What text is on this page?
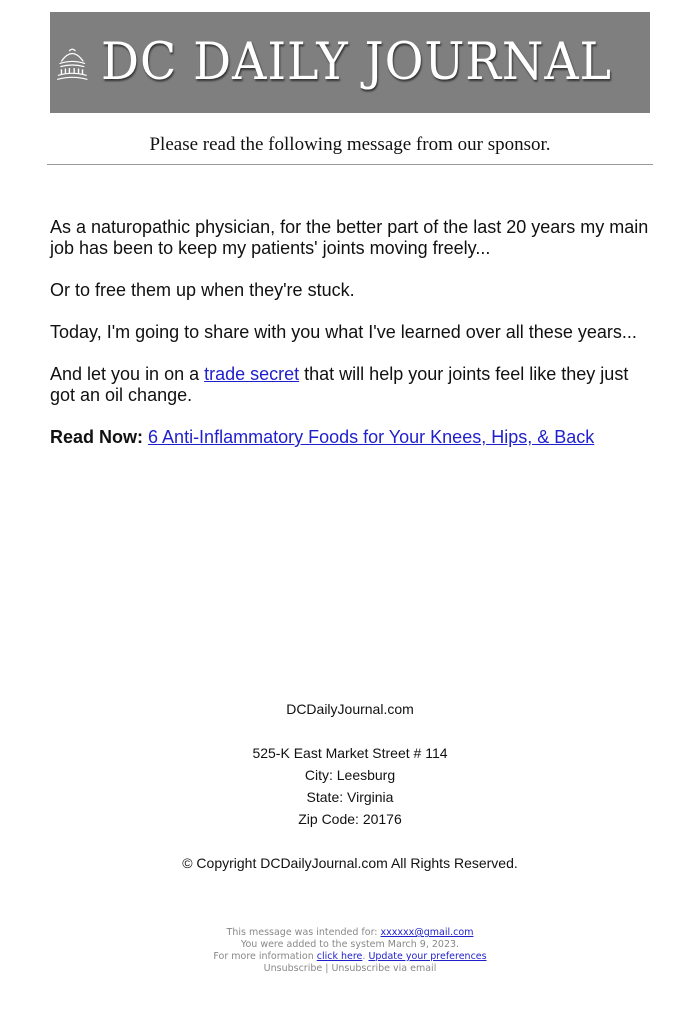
DC DAILY JOURNAL
Please read the following message from our sponsor.

As a naturopathic physician, for the better part of the last 20 years my main job has been to keep my patients' joints moving freely...

Or to free them up when they're stuck.

Today, I'm going to share with you what I've learned over all these years...

And let you in on a trade secret that will help your joints feel like they just got an oil change.

Read Now: 6 Anti-Inflammatory Foods for Your Knees, Hips, & Back

DCDailyJournal.com

525-K East Market Street # 114

City: Leesburg

State: Virginia

Zip Code: 20176

© Copyright DCDailyJournal.com All Rights Reserved.

This message was intended for: xxxxxx@gmail.com
You were added to the system March 9, 2023.
For more information click here. Update your preferences
Unsubscribe | Unsubscribe via email
